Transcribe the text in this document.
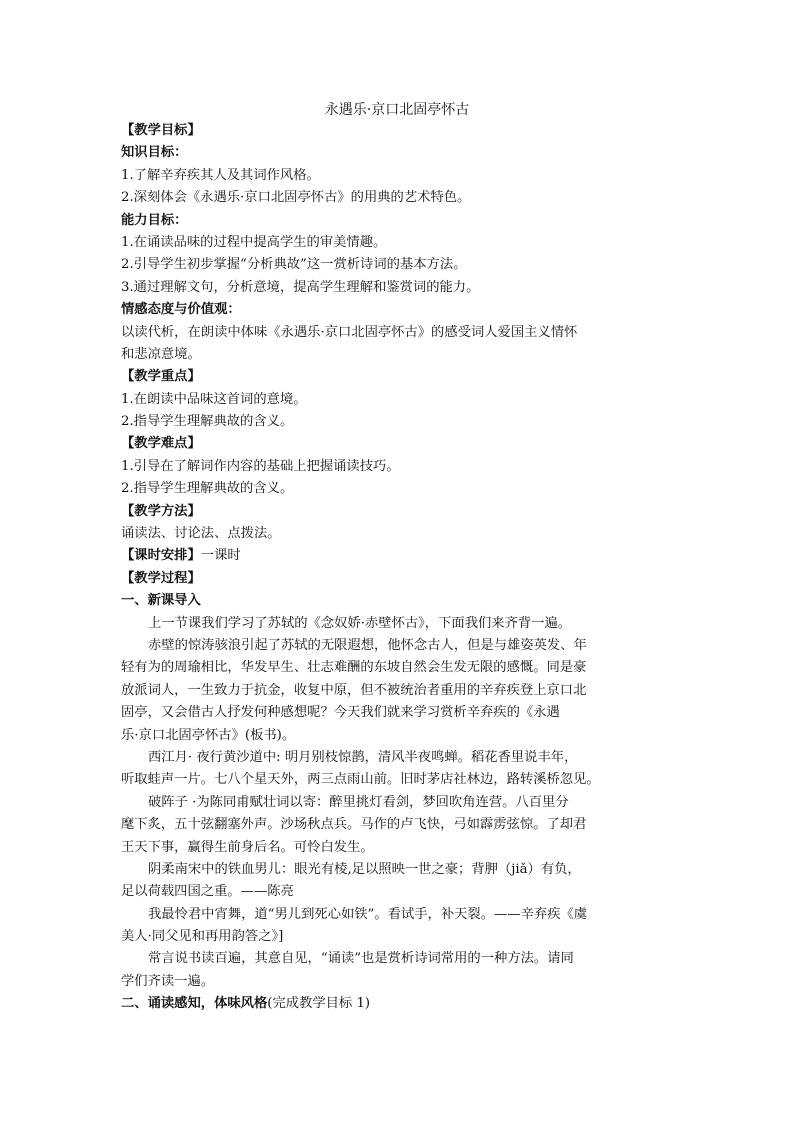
永遇乐·京口北固亭怀古
【教学目标】
知识目标：
1.了解辛弃疾其人及其词作风格。
2.深刻体会《永遇乐·京口北固亭怀古》的用典的艺术特色。
能力目标：
1.在诵读品味的过程中提高学生的审美情趣。
2.引导学生初步掌握“分析典故”这一赏析诗词的基本方法。
3.通过理解文句，分析意境，提高学生理解和鉴赏词的能力。
情感态度与价值观：
以读代析，在朗读中体味《永遇乐·京口北固亭怀古》的感受词人爱国主义情怀
和悲凉意境。
【教学重点】
1.在朗读中品味这首词的意境。
2.指导学生理解典故的含义。
【教学难点】
1.引导在了解词作内容的基础上把握诵读技巧。
2.指导学生理解典故的含义。
【教学方法】
诵读法、讨论法、点拨法。
【课时安排】一课时
【教学过程】
一、新课导入
上一节课我们学习了苏轼的《念奴娇·赤壁怀古》，下面我们来齐背一遍。
赤壁的惊涛骇浪引起了苏轼的无限遐想，他怀念古人，但是与雄姿英发、年
轻有为的周瑜相比，华发早生、壮志难酬的东坡自然会生发无限的感慨。同是豪
放派词人，一生致力于抗金，收复中原，但不被统治者重用的辛弃疾登上京口北
固亭，又会借古人抒发何种感想呢？今天我们就来学习赏析辛弃疾的《永遇
乐·京口北固亭怀古》(板书)。
西江月· 夜行黄沙道中: 明月别枝惊鹊，清风半夜鸣蝉。稻花香里说丰年，
听取蛙声一片。七八个星天外，两三点雨山前。旧时茅店社林边，路转溪桥忽见。
破阵子 ·为陈同甫赋壮词以寄：醉里挑灯看剑，梦回吹角连营。八百里分
麾下炙，五十弦翻塞外声。沙场秋点兵。马作的卢飞快，弓如霹雳弦惊。了却君
王天下事，赢得生前身后名。可怜白发生。
阴柔南宋中的铁血男儿：眼光有棱,足以照映一世之豪；背胛（jiǎ）有负，
足以荷载四国之重。——陈亮
我最怜君中宵舞，道“男儿到死心如铁”。看试手，补天裂。——辛弃疾《虞
美人·同父见和再用韵答之》]
常言说书读百遍，其意自见，“诵读”也是赏析诗词常用的一种方法。请同
学们齐读一遍。
二、诵读感知，体味风格(完成教学目标 1)
